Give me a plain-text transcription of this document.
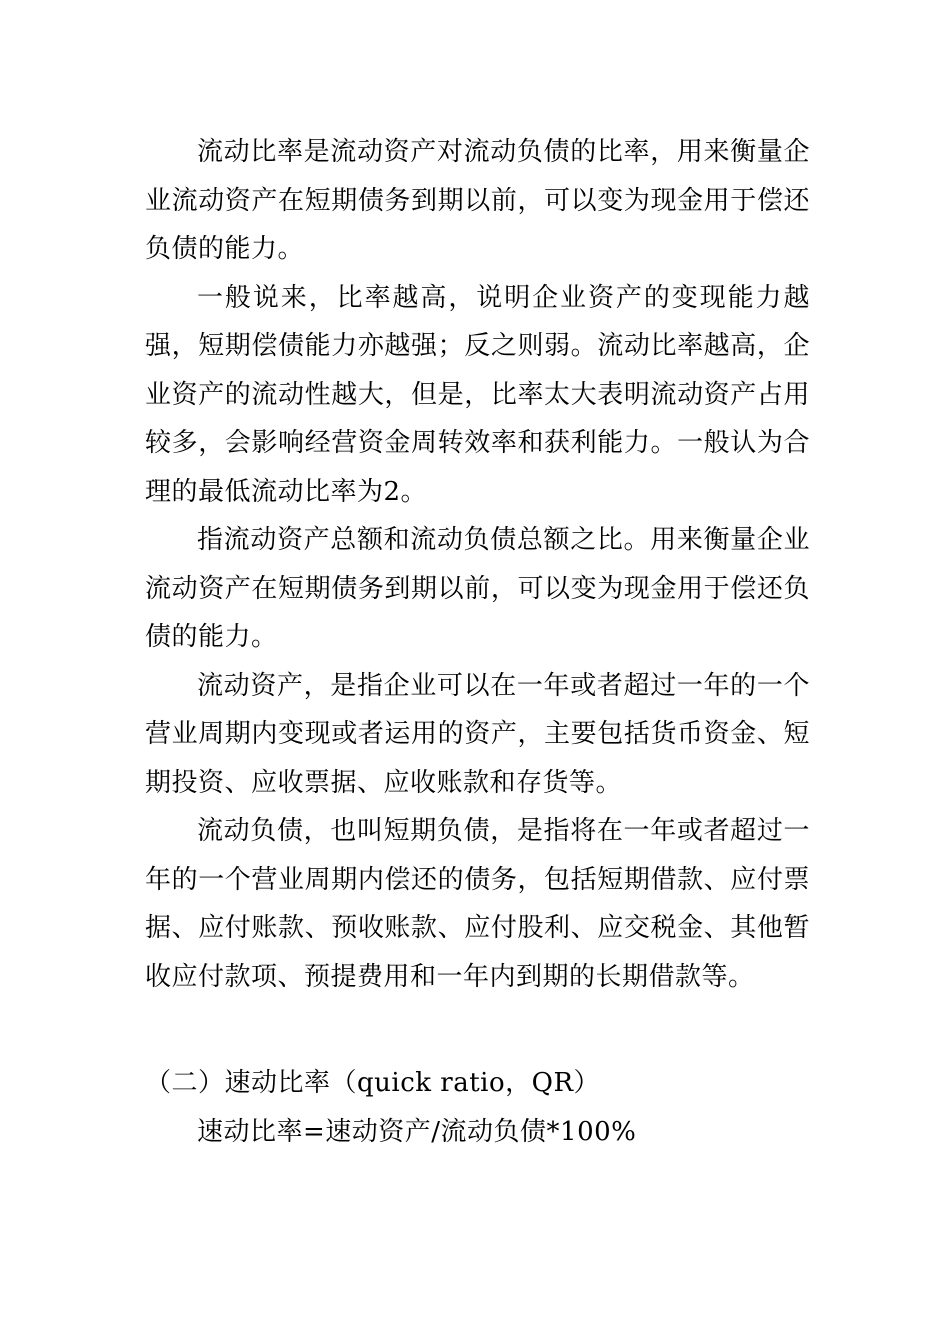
流动比率是流动资产对流动负债的比率，用来衡量企业流动资产在短期债务到期以前，可以变为现金用于偿还负债的能力。

一般说来，比率越高，说明企业资产的变现能力越强，短期偿债能力亦越强；反之则弱。流动比率越高，企业资产的流动性越大，但是，比率太大表明流动资产占用较多，会影响经营资金周转效率和获利能力。一般认为合理的最低流动比率为2。

指流动资产总额和流动负债总额之比。用来衡量企业流动资产在短期债务到期以前，可以变为现金用于偿还负债的能力。

流动资产，是指企业可以在一年或者超过一年的一个营业周期内变现或者运用的资产，主要包括货币资金、短期投资、应收票据、应收账款和存货等。

流动负债，也叫短期负债，是指将在一年或者超过一年的一个营业周期内偿还的债务，包括短期借款、应付票据、应付账款、预收账款、应付股利、应交税金、其他暂收应付款项、预提费用和一年内到期的长期借款等。

（二）速动比率（quick ratio，QR）

速动比率=速动资产/流动负债*100%
